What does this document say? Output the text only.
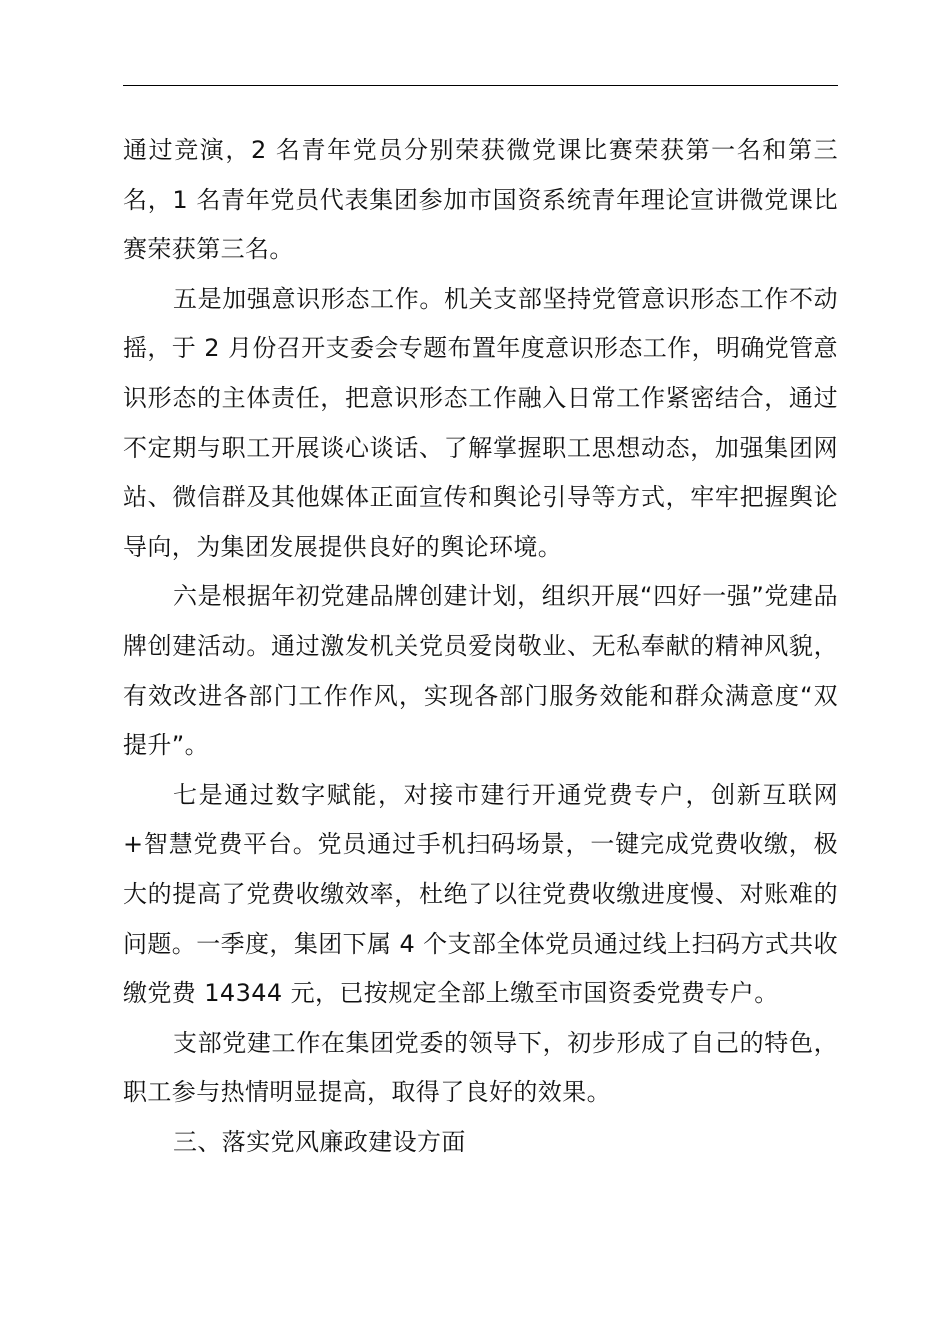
通过竞演，2 名青年党员分别荣获微党课比赛荣获第一名和第三名，1 名青年党员代表集团参加市国资系统青年理论宣讲微党课比赛荣获第三名。

五是加强意识形态工作。机关支部坚持党管意识形态工作不动摇，于 2 月份召开支委会专题布置年度意识形态工作，明确党管意识形态的主体责任，把意识形态工作融入日常工作紧密结合，通过不定期与职工开展谈心谈话、了解掌握职工思想动态，加强集团网站、微信群及其他媒体正面宣传和舆论引导等方式，牢牢把握舆论导向，为集团发展提供良好的舆论环境。

六是根据年初党建品牌创建计划，组织开展“四好一强”党建品牌创建活动。通过激发机关党员爱岗敬业、无私奉献的精神风貌，有效改进各部门工作作风，实现各部门服务效能和群众满意度“双提升”。

七是通过数字赋能，对接市建行开通党费专户，创新互联网+智慧党费平台。党员通过手机扫码场景，一键完成党费收缴，极大的提高了党费收缴效率，杜绝了以往党费收缴进度慢、对账难的问题。一季度，集团下属 4 个支部全体党员通过线上扫码方式共收缴党费 14344 元，已按规定全部上缴至市国资委党费专户。

支部党建工作在集团党委的领导下，初步形成了自己的特色，职工参与热情明显提高，取得了良好的效果。

三、落实党风廉政建设方面
